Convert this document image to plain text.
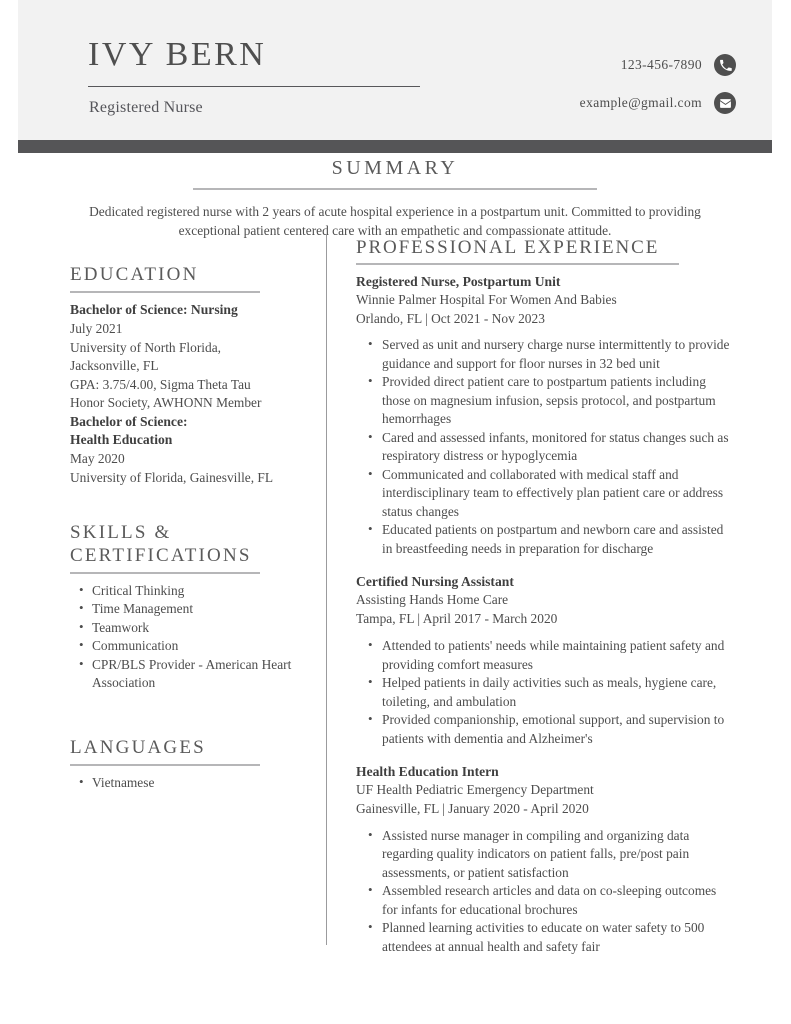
IVY BERN
Registered Nurse
123-456-7890
example@gmail.com
SUMMARY
Dedicated registered nurse with 2 years of acute hospital experience in a postpartum unit. Committed to providing exceptional patient centered care with an empathetic and compassionate attitude.
EDUCATION
Bachelor of Science: Nursing
July 2021
University of North Florida,
Jacksonville, FL
GPA: 3.75/4.00, Sigma Theta Tau
Honor Society, AWHONN Member
Bachelor of Science:
Health Education
May 2020
University of Florida, Gainesville, FL
SKILLS &
CERTIFICATIONS
• Critical Thinking
• Time Management
• Teamwork
• Communication
• CPR/BLS Provider - American Heart Association
LANGUAGES
• Vietnamese
PROFESSIONAL EXPERIENCE
Registered Nurse, Postpartum Unit
Winnie Palmer Hospital For Women And Babies
Orlando, FL | Oct 2021 - Nov 2023
• Served as unit and nursery charge nurse intermittently to provide guidance and support for floor nurses in 32 bed unit
• Provided direct patient care to postpartum patients including those on magnesium infusion, sepsis protocol, and postpartum hemorrhages
• Cared and assessed infants, monitored for status changes such as respiratory distress or hypoglycemia
• Communicated and collaborated with medical staff and interdisciplinary team to effectively plan patient care or address status changes
• Educated patients on postpartum and newborn care and assisted in breastfeeding needs in preparation for discharge
Certified Nursing Assistant
Assisting Hands Home Care
Tampa, FL | April 2017 - March 2020
• Attended to patients' needs while maintaining patient safety and providing comfort measures
• Helped patients in daily activities such as meals, hygiene care, toileting, and ambulation
• Provided companionship, emotional support, and supervision to patients with dementia and Alzheimer's
Health Education Intern
UF Health Pediatric Emergency Department
Gainesville, FL | January 2020 - April 2020
• Assisted nurse manager in compiling and organizing data regarding quality indicators on patient falls, pre/post pain assessments, or patient satisfaction
• Assembled research articles and data on co-sleeping outcomes for infants for educational brochures
• Planned learning activities to educate on water safety to 500 attendees at annual health and safety fair
